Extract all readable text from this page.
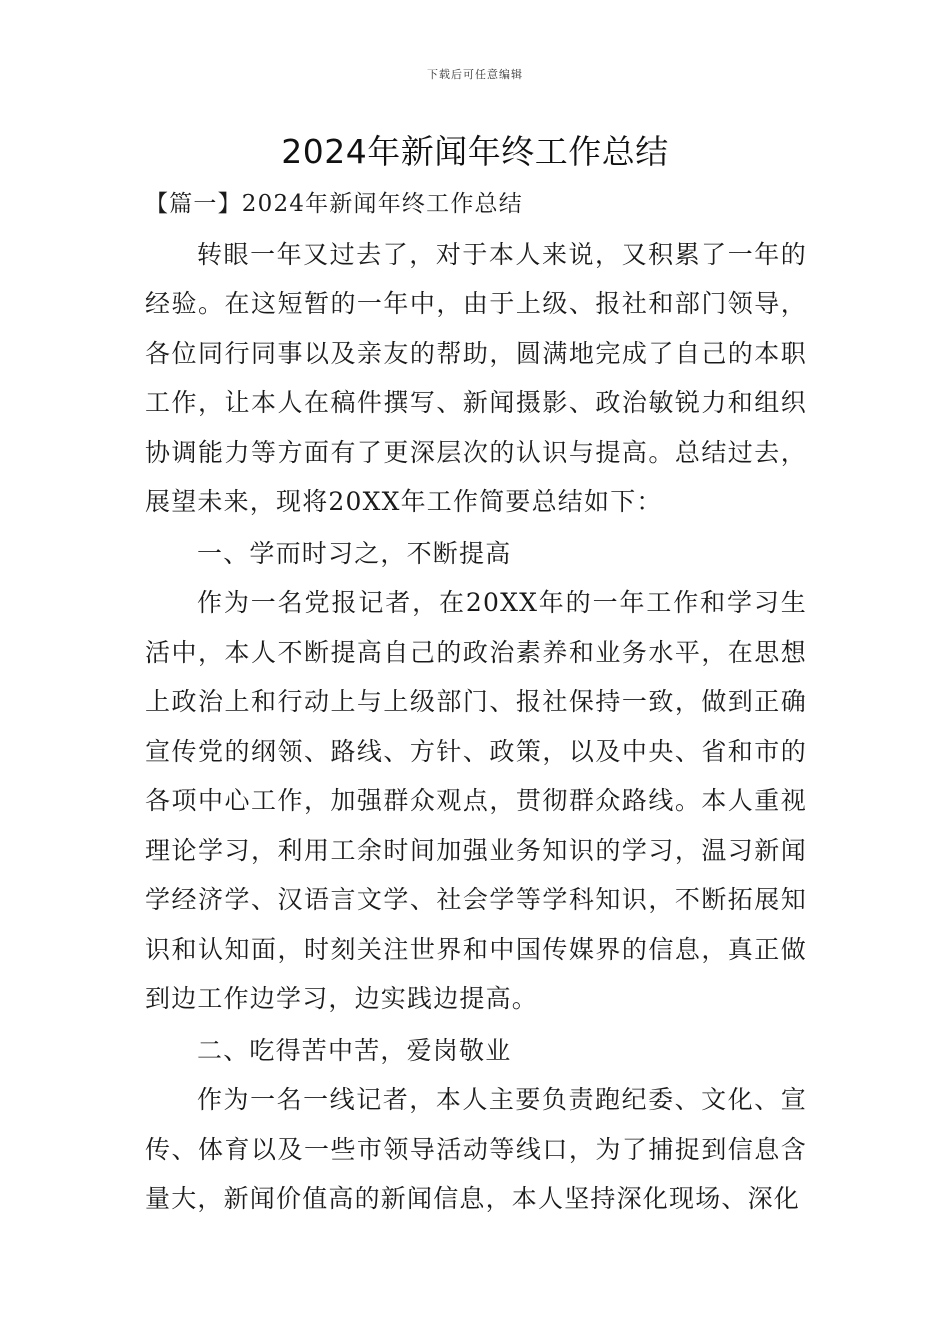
下载后可任意编辑
2024年新闻年终工作总结

【篇一】2024年新闻年终工作总结

转眼一年又过去了，对于本人来说，又积累了一年的经验。在这短暂的一年中，由于上级、报社和部门领导，各位同行同事以及亲友的帮助，圆满地完成了自己的本职工作，让本人在稿件撰写、新闻摄影、政治敏锐力和组织协调能力等方面有了更深层次的认识与提高。总结过去，展望未来，现将20XX年工作简要总结如下：

一、学而时习之，不断提高

作为一名党报记者，在20XX年的一年工作和学习生活中，本人不断提高自己的政治素养和业务水平，在思想上政治上和行动上与上级部门、报社保持一致，做到正确宣传党的纲领、路线、方针、政策，以及中央、省和市的各项中心工作，加强群众观点，贯彻群众路线。本人重视理论学习，利用工余时间加强业务知识的学习，温习新闻学经济学、汉语言文学、社会学等学科知识，不断拓展知识和认知面，时刻关注世界和中国传媒界的信息，真正做到边工作边学习，边实践边提高。

二、吃得苦中苦，爱岗敬业

作为一名一线记者，本人主要负责跑纪委、文化、宣传、体育以及一些市领导活动等线口，为了捕捉到信息含量大，新闻价值高的新闻信息，本人坚持深化现场、深化
